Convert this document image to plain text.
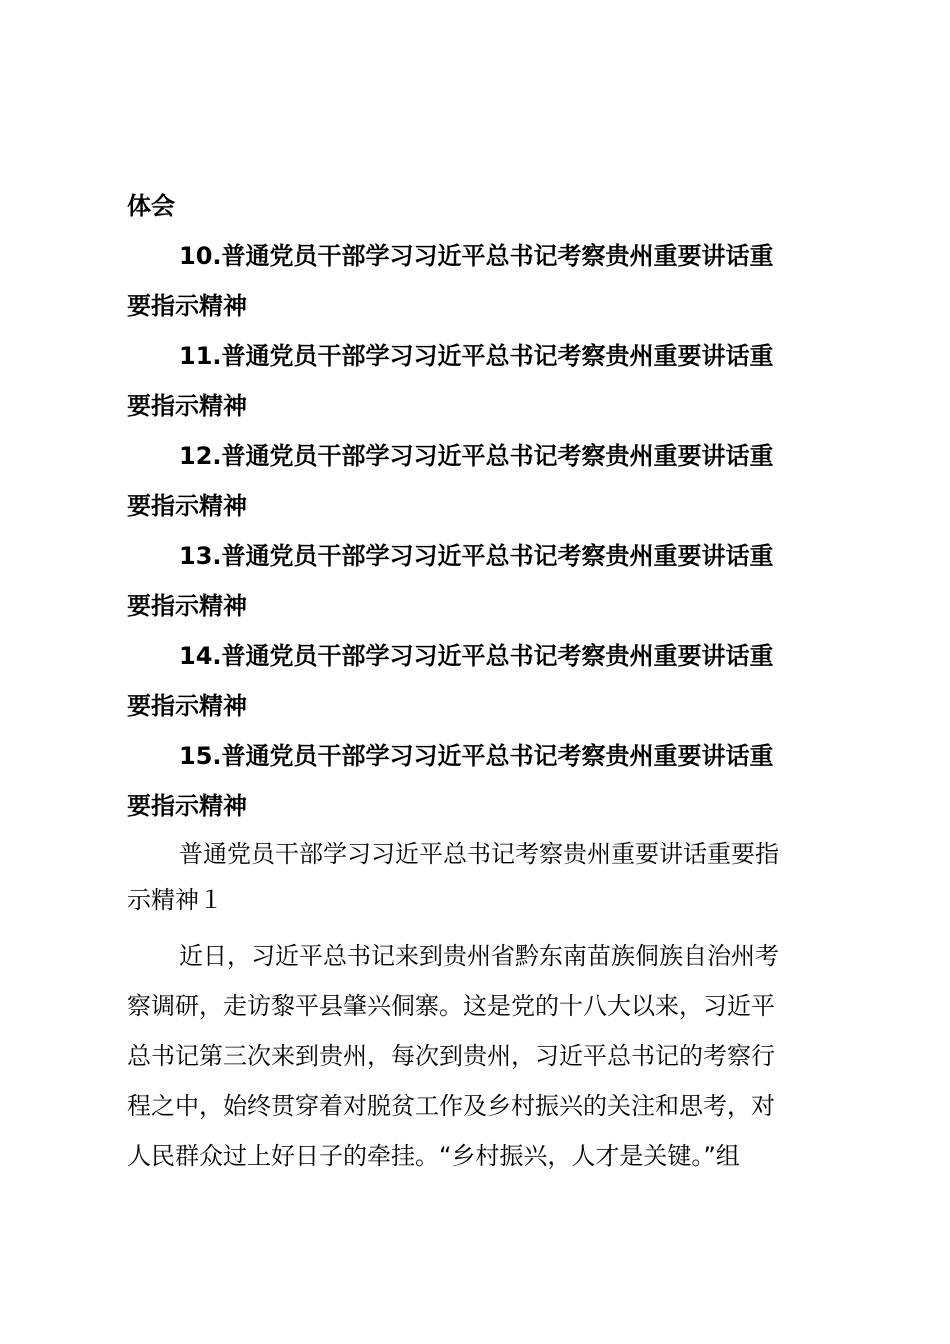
体会
10.普通党员干部学习习近平总书记考察贵州重要讲话重
要指示精神
11.普通党员干部学习习近平总书记考察贵州重要讲话重
要指示精神
12.普通党员干部学习习近平总书记考察贵州重要讲话重
要指示精神
13.普通党员干部学习习近平总书记考察贵州重要讲话重
要指示精神
14.普通党员干部学习习近平总书记考察贵州重要讲话重
要指示精神
15.普通党员干部学习习近平总书记考察贵州重要讲话重
要指示精神
普通党员干部学习习近平总书记考察贵州重要讲话重要指
示精神１
近日，习近平总书记来到贵州省黔东南苗族侗族自治州考
察调研，走访黎平县肇兴侗寨。这是党的十八大以来，习近平
总书记第三次来到贵州，每次到贵州，习近平总书记的考察行
程之中，始终贯穿着对脱贫工作及乡村振兴的关注和思考，对
人民群众过上好日子的牵挂。“乡村振兴，人才是关键。”组
